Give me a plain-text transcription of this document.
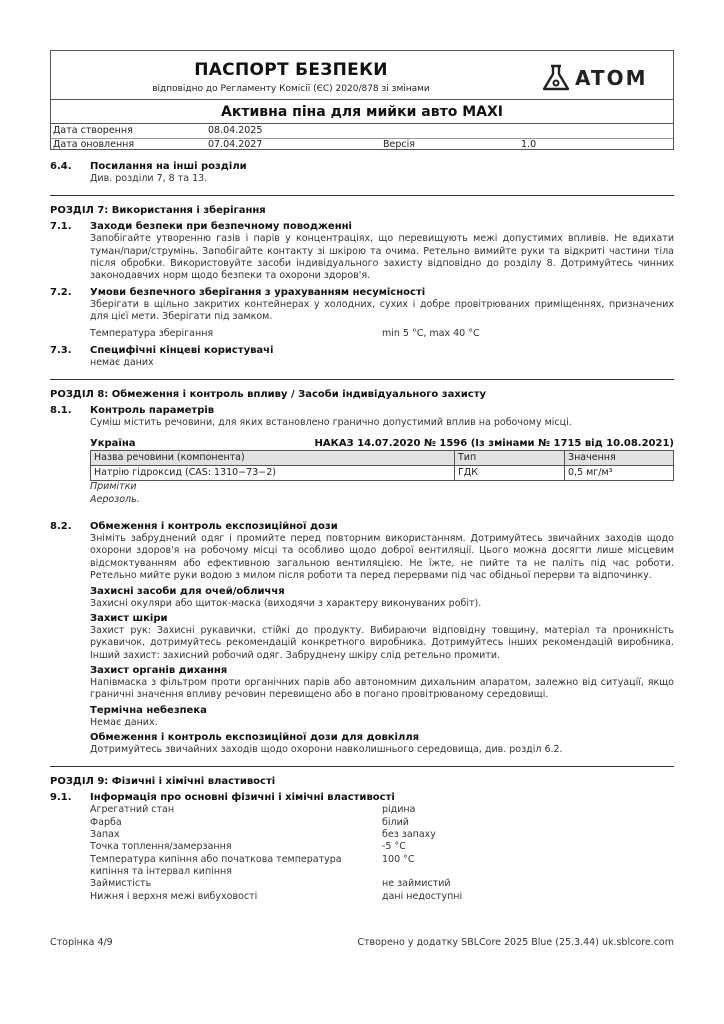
ПАСПОРТ БЕЗПЕКИ
відповідно до Регламенту Комісії (ЄС) 2020/878 зі змінами	ATOM
Активна піна для мийки авто MAXI
Дата створення	08.04.2025
Дата оновлення	07.04.2027	Версія	1.0
6.4.	Посилання на інші розділи
Див. розділи 7, 8 та 13.
РОЗДІЛ 7: Використання і зберігання
7.1.	Заходи безпеки при безпечному поводженні
Запобігайте утворенню газів і парів у концентраціях, що перевищують межі допустимих впливів. Не вдихати туман/пари/струмінь. Запобігайте контакту зі шкірою та очима. Ретельно вимийте руки та відкриті частини тіла після обробки. Використовуйте засоби індивідуального захисту відповідно до розділу 8. Дотримуйтесь чинних законодавчих норм щодо безпеки та охорони здоров'я.
7.2.	Умови безпечного зберігання з урахуванням несумісності
Зберігати в щільно закритих контейнерах у холодних, сухих і добре провітрюваних приміщеннях, призначених для цієї мети. Зберігати під замком.
Температура зберігання	min 5 °C, max 40 °C
7.3.	Специфічні кінцеві користувачі
немає даних
РОЗДІЛ 8: Обмеження і контроль впливу / Засоби індивідуального захисту
8.1.	Контроль параметрів
Суміш містить речовини, для яких встановлено гранично допустимий вплив на робочому місці.
Україна	НАКАЗ 14.07.2020 № 1596 (Із змінами № 1715 від 10.08.2021)
Назва речовини (компонента)	Тип	Значення
Натрію гідроксид (CAS: 1310−73−2)	ГДК	0,5 мг/м³
Примітки
Аерозоль.
8.2.	Обмеження і контроль експозиційної дози
Зніміть забруднений одяг і промийте перед повторним використанням. Дотримуйтесь звичайних заходів щодо охорони здоров'я на робочому місці та особливо щодо доброї вентиляції. Цього можна досягти лише місцевим відсмоктуванням або ефективною загальною вентиляцією. Не їжте, не пийте та не паліть під час роботи. Ретельно мийте руки водою з милом після роботи та перед перервами під час обідньої перерви та відпочинку.
Захисні засоби для очей/обличчя
Захисні окуляри або щиток-маска (виходячи з характеру виконуваних робіт).
Захист шкіри
Захист рук: Захисні рукавички, стійкі до продукту. Вибираючи відповідну товщину, матеріал та проникність рукавичок, дотримуйтесь рекомендацій конкретного виробника. Дотримуйтесь інших рекомендацій виробника. Інший захист: захисний робочий одяг. Забруднену шкіру слід ретельно промити.
Захист органів дихання
Напівмаска з фільтром проти органічних парів або автономним дихальним апаратом, залежно від ситуації, якщо граничні значення впливу речовин перевищено або в погано провітрюваному середовищі.
Термічна небезпека
Немає даних.
Обмеження і контроль експозиційної дози для довкілля
Дотримуйтесь звичайних заходів щодо охорони навколишнього середовища, див. розділ 6.2.
РОЗДІЛ 9: Фізичні і хімічні властивості
9.1.	Інформація про основні фізичні і хімічні властивості
Агрегатний стан	рідина
Фарба	білий
Запах	без запаху
Точка топлення/замерзання	-5 °C
Температура кипіння або початкова температура кипіння та інтервал кипіння
100 °C
Займистість	не займистий
Нижня і верхня межі вибуховості	дані недоступні
Сторінка 4/9	Створено у додатку SBLCore 2025 Blue (25.3.44) uk.sblcore.com
